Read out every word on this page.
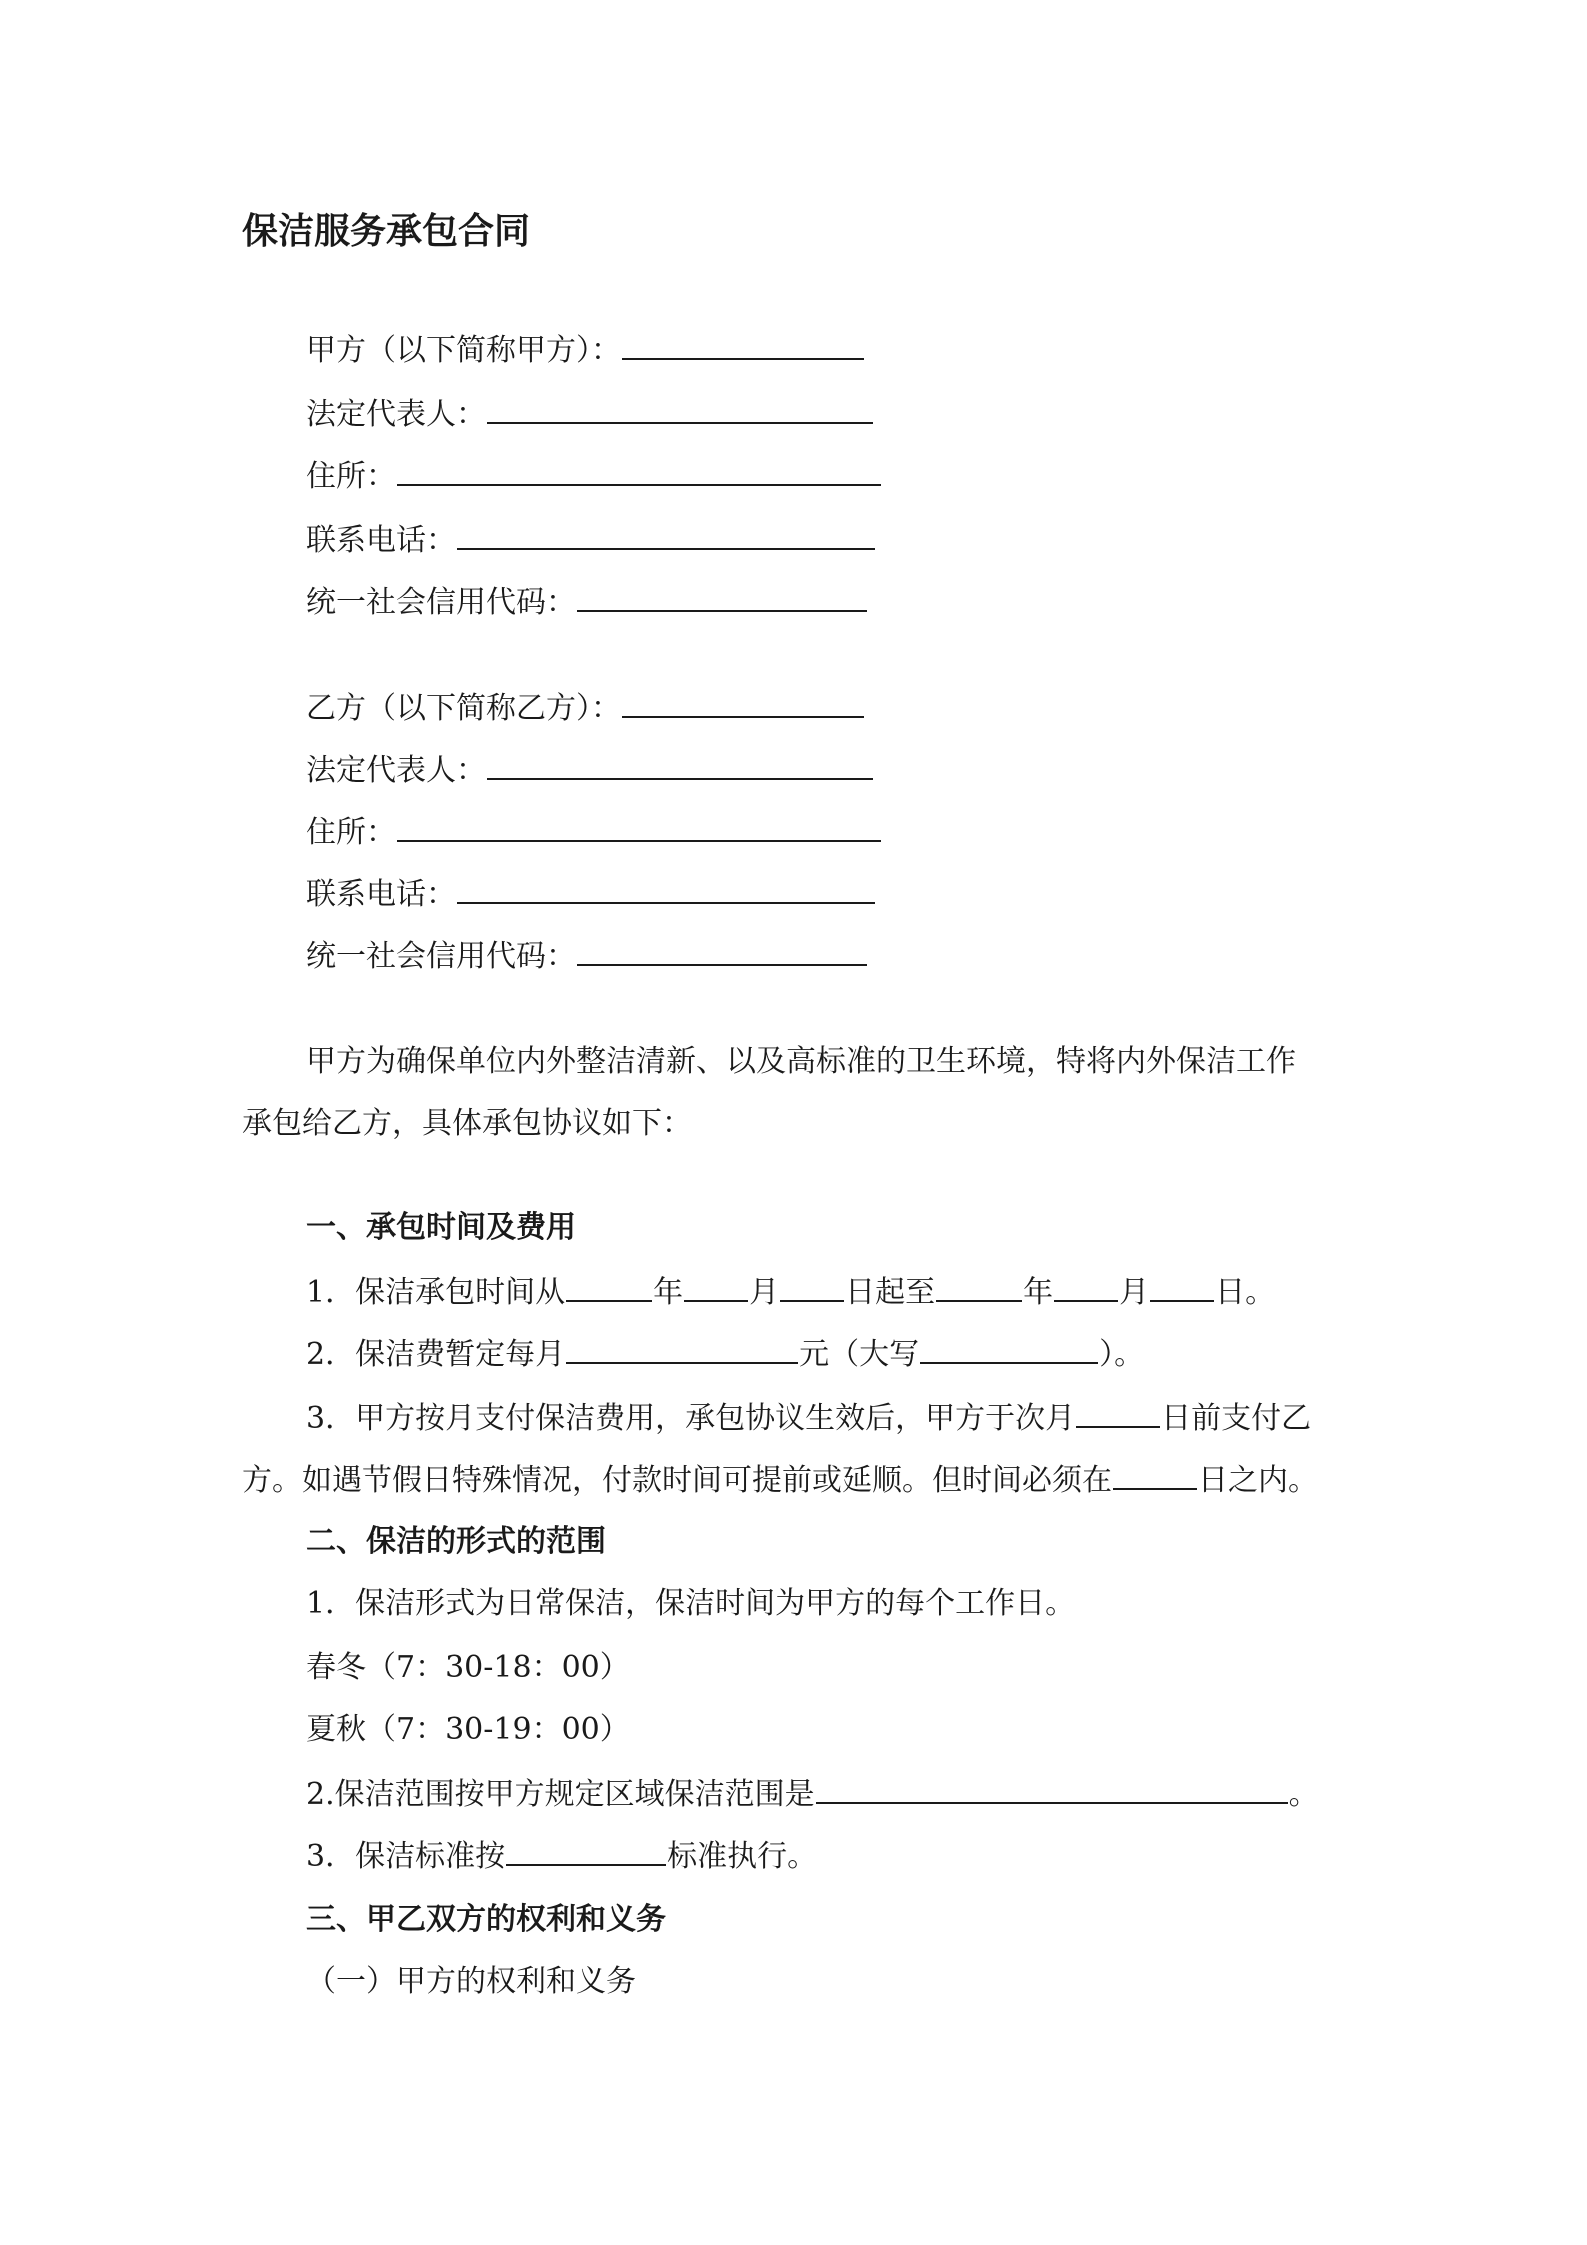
保洁服务承包合同
甲方（以下简称甲方）：
法定代表人：
住所：
联系电话：
统一社会信用代码：
乙方（以下简称乙方）：
法定代表人：
住所：
联系电话：
统一社会信用代码：
甲方为确保单位内外整洁清新、以及高标准的卫生环境，特将内外保洁工作
承包给乙方，具体承包协议如下：
一、承包时间及费用
1．保洁承包时间从	年 月 日起至	年 月 日。
2．保洁费暂定每月	元（大写	）。
3．甲方按月支付保洁费用，承包协议生效后，甲方于次月	日前支付乙
方。如遇节假日特殊情况，付款时间可提前或延顺。但时间必须在	日之内。
二、保洁的形式的范围
1．保洁形式为日常保洁，保洁时间为甲方的每个工作日。
春冬（7：30-18：00）
夏秋（7：30-19：00）
2.保洁范围按甲方规定区域保洁范围是	。
3．保洁标准按	标准执行。
三、甲乙双方的权利和义务
（一）甲方的权利和义务
